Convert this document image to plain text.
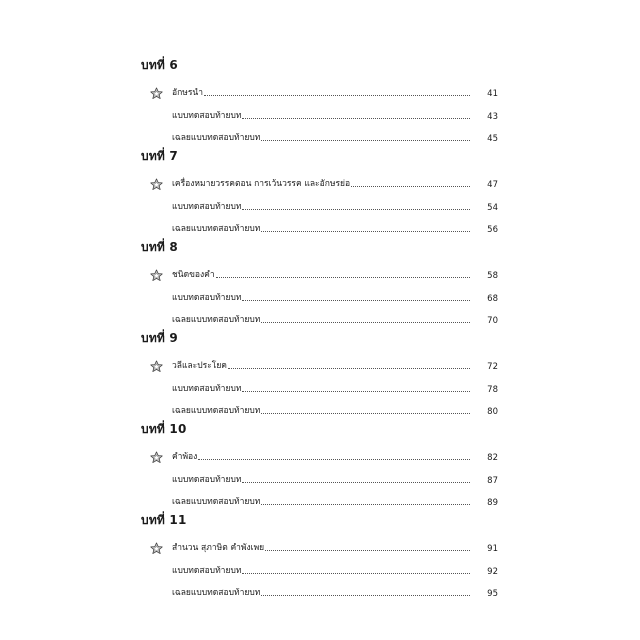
บทที่ 6
อักษรนำ	41
แบบทดสอบท้ายบท	43
เฉลยแบบทดสอบท้ายบท	45
บทที่ 7
เครื่องหมายวรรคตอน การเว้นวรรค และอักษรย่อ	47
แบบทดสอบท้ายบท	54
เฉลยแบบทดสอบท้ายบท	56
บทที่ 8
ชนิดของคำ	58
แบบทดสอบท้ายบท	68
เฉลยแบบทดสอบท้ายบท	70
บทที่ 9
วลีและประโยค	72
แบบทดสอบท้ายบท	78
เฉลยแบบทดสอบท้ายบท	80
บทที่ 10
คำพ้อง	82
แบบทดสอบท้ายบท	87
เฉลยแบบทดสอบท้ายบท	89
บทที่ 11
สำนวน สุภาษิต คำพังเพย	91
แบบทดสอบท้ายบท	92
เฉลยแบบทดสอบท้ายบท	95
